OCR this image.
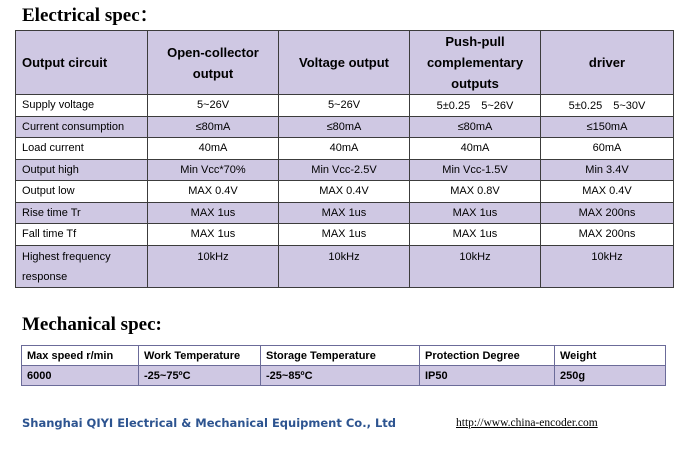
Electrical spec：
Output circuit	Open-collector output	Voltage output	Push-pull complementary outputs	driver
Supply voltage	5~26V	5~26V	5±0.25　5~26V	5±0.25　5~30V
Current consumption	≤80mA	≤80mA	≤80mA	≤150mA
Load current	40mA	40mA	40mA	60mA
Output high	Min Vcc*70%	Min Vcc-2.5V	Min Vcc-1.5V	Min 3.4V
Output low	MAX 0.4V	MAX 0.4V	MAX 0.8V	MAX 0.4V
Rise time Tr	MAX 1us	MAX 1us	MAX 1us	MAX 200ns
Fall time Tf	MAX 1us	MAX 1us	MAX 1us	MAX 200ns
Highest frequency response	10kHz	10kHz	10kHz	10kHz
Mechanical spec:
Max speed r/min	Work Temperature	Storage Temperature	Protection Degree	Weight
6000	-25~75ºC	-25~85ºC	IP50	250g
Shanghai QIYI Electrical & Mechanical Equipment Co., Ltd	http://www.china-encoder.com
